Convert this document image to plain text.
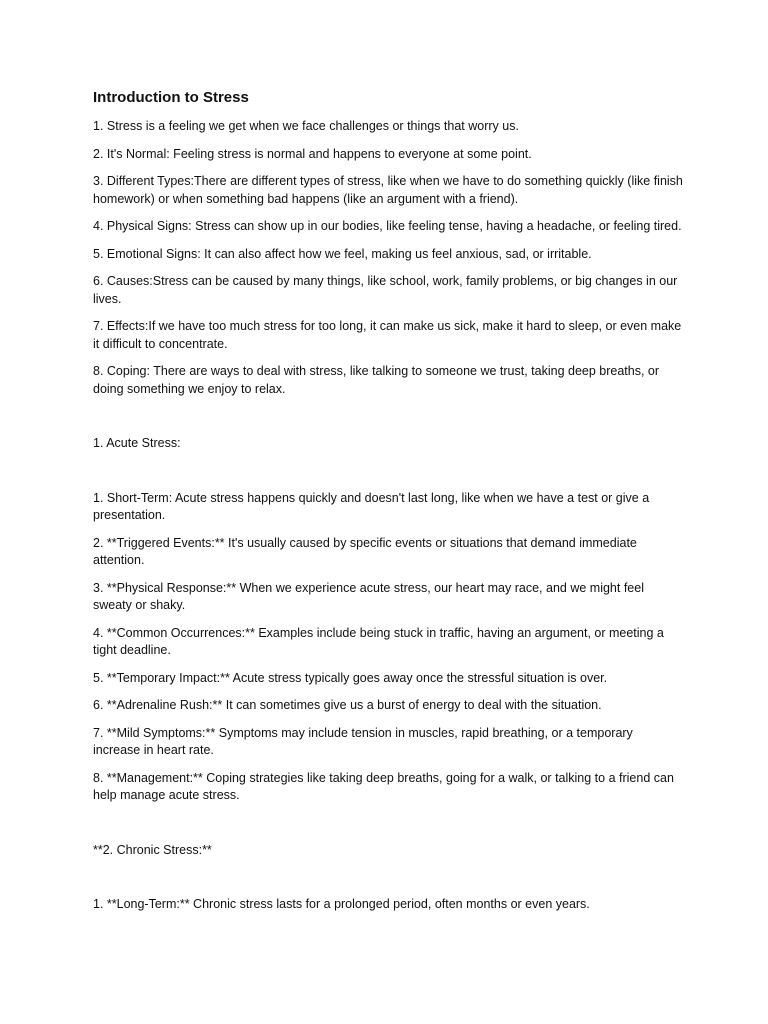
Introduction to Stress

1. Stress is a feeling we get when we face challenges or things that worry us.

2. It's Normal: Feeling stress is normal and happens to everyone at some point.

3. Different Types:There are different types of stress, like when we have to do something quickly (like finish homework) or when something bad happens (like an argument with a friend).

4. Physical Signs: Stress can show up in our bodies, like feeling tense, having a headache, or feeling tired.

5. Emotional Signs: It can also affect how we feel, making us feel anxious, sad, or irritable.

6. Causes:Stress can be caused by many things, like school, work, family problems, or big changes in our lives.

7. Effects:If we have too much stress for too long, it can make us sick, make it hard to sleep, or even make it difficult to concentrate.

8. Coping: There are ways to deal with stress, like talking to someone we trust, taking deep breaths, or doing something we enjoy to relax.

1. Acute Stress:

1. Short-Term: Acute stress happens quickly and doesn't last long, like when we have a test or give a presentation.

2. **Triggered Events:** It's usually caused by specific events or situations that demand immediate attention.

3. **Physical Response:** When we experience acute stress, our heart may race, and we might feel sweaty or shaky.

4. **Common Occurrences:** Examples include being stuck in traffic, having an argument, or meeting a tight deadline.

5. **Temporary Impact:** Acute stress typically goes away once the stressful situation is over.

6. **Adrenaline Rush:** It can sometimes give us a burst of energy to deal with the situation.

7. **Mild Symptoms:** Symptoms may include tension in muscles, rapid breathing, or a temporary increase in heart rate.

8. **Management:** Coping strategies like taking deep breaths, going for a walk, or talking to a friend can help manage acute stress.

**2. Chronic Stress:**

1. **Long-Term:** Chronic stress lasts for a prolonged period, often months or even years.
